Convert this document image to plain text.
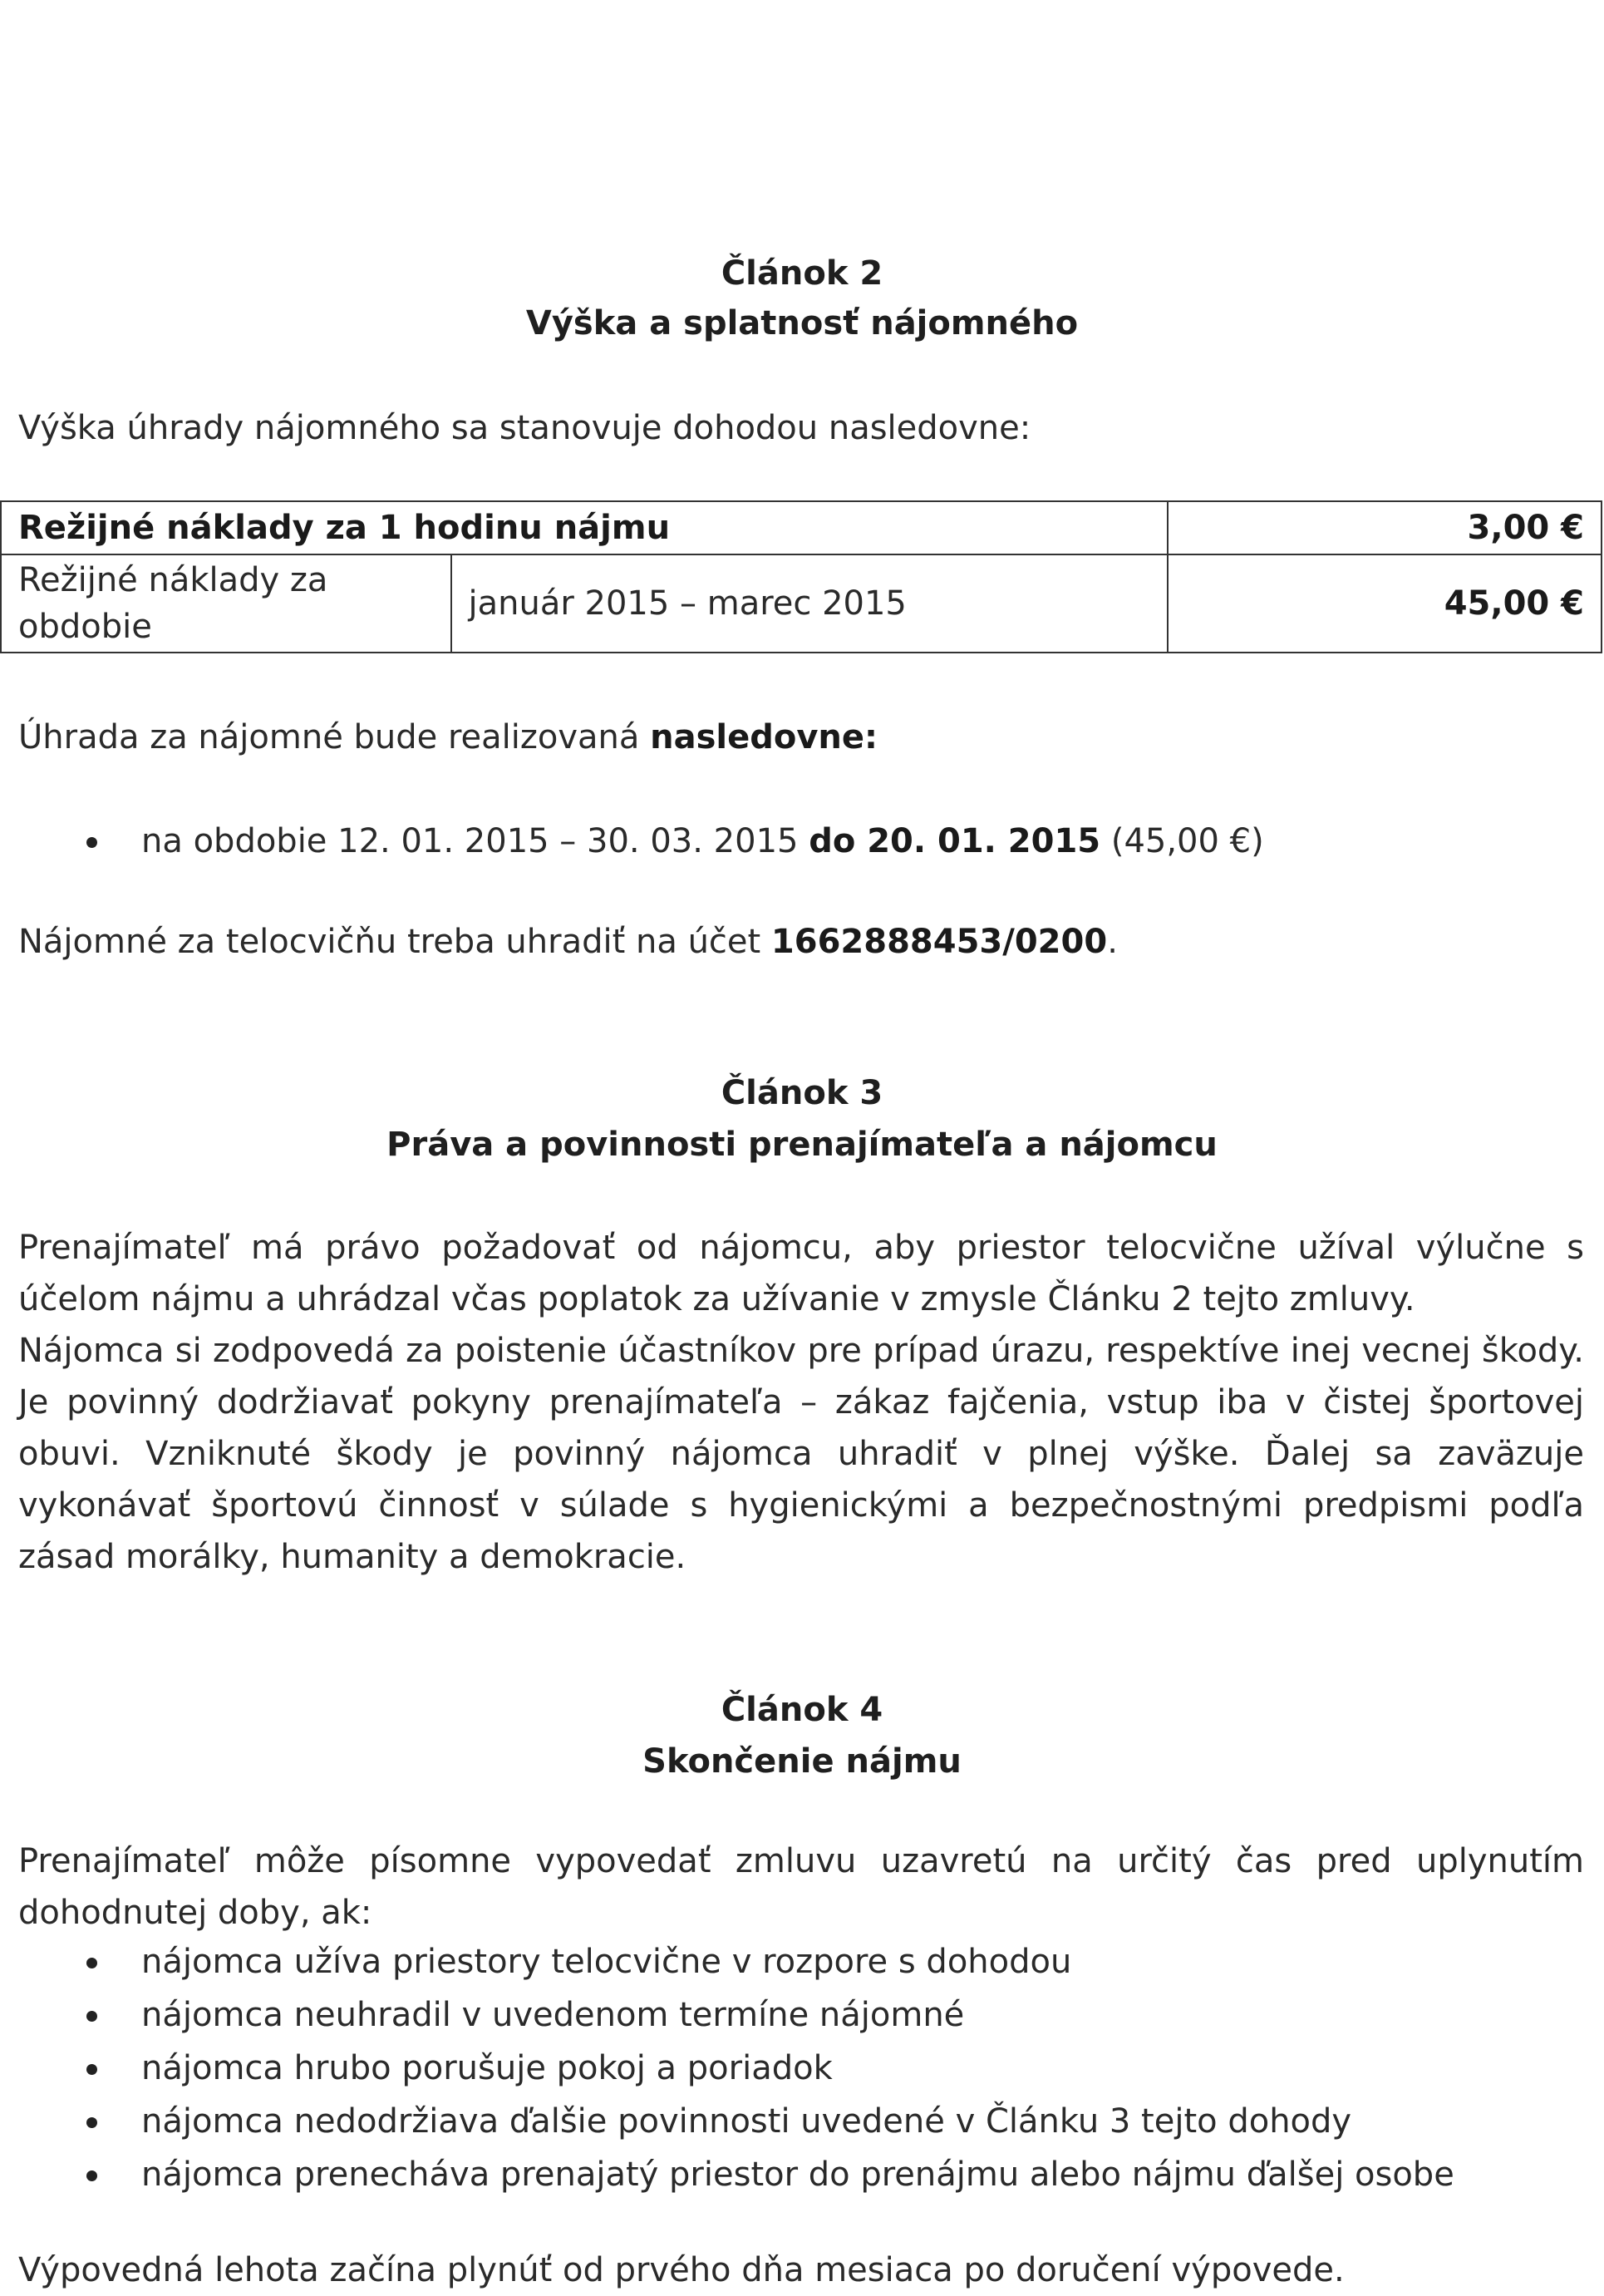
Článok 2
Výška a splatnosť nájomného
Výška úhrady nájomného sa stanovuje dohodou nasledovne:
Režijné náklady za 1 hodinu nájmu		3,00 €
Režijné náklady za obdobie	január 2015 – marec 2015	45,00 €
Úhrada za nájomné bude realizovaná nasledovne:
na obdobie 12. 01. 2015 – 30. 03. 2015 do 20. 01. 2015 (45,00 €)
Nájomné za telocvičňu treba uhradiť na účet 1662888453/0200.
Článok 3
Práva a povinnosti prenajímateľa a nájomcu
Prenajímateľ má právo požadovať od nájomcu, aby priestor telocvične užíval výlučne s účelom nájmu a uhrádzal včas poplatok za užívanie v zmysle Článku 2 tejto zmluvy.
Nájomca si zodpovedá za poistenie účastníkov pre prípad úrazu, respektíve inej vecnej škody. Je povinný dodržiavať pokyny prenajímateľa – zákaz fajčenia, vstup iba v čistej športovej obuvi. Vzniknuté škody je povinný nájomca uhradiť v plnej výške. Ďalej sa zaväzuje vykonávať športovú činnosť v súlade s hygienickými a bezpečnostnými predpismi podľa zásad morálky, humanity a demokracie.
Článok 4
Skončenie nájmu
Prenajímateľ môže písomne vypovedať zmluvu uzavretú na určitý čas pred uplynutím dohodnutej doby, ak:
nájomca užíva priestory telocvične v rozpore s dohodou
nájomca neuhradil v uvedenom termíne nájomné
nájomca hrubo porušuje pokoj a poriadok
nájomca nedodržiava ďalšie povinnosti uvedené v Článku 3 tejto dohody
nájomca prenecháva prenajatý priestor do prenájmu alebo nájmu ďalšej osobe
Výpovedná lehota začína plynúť od prvého dňa mesiaca po doručení výpovede.
